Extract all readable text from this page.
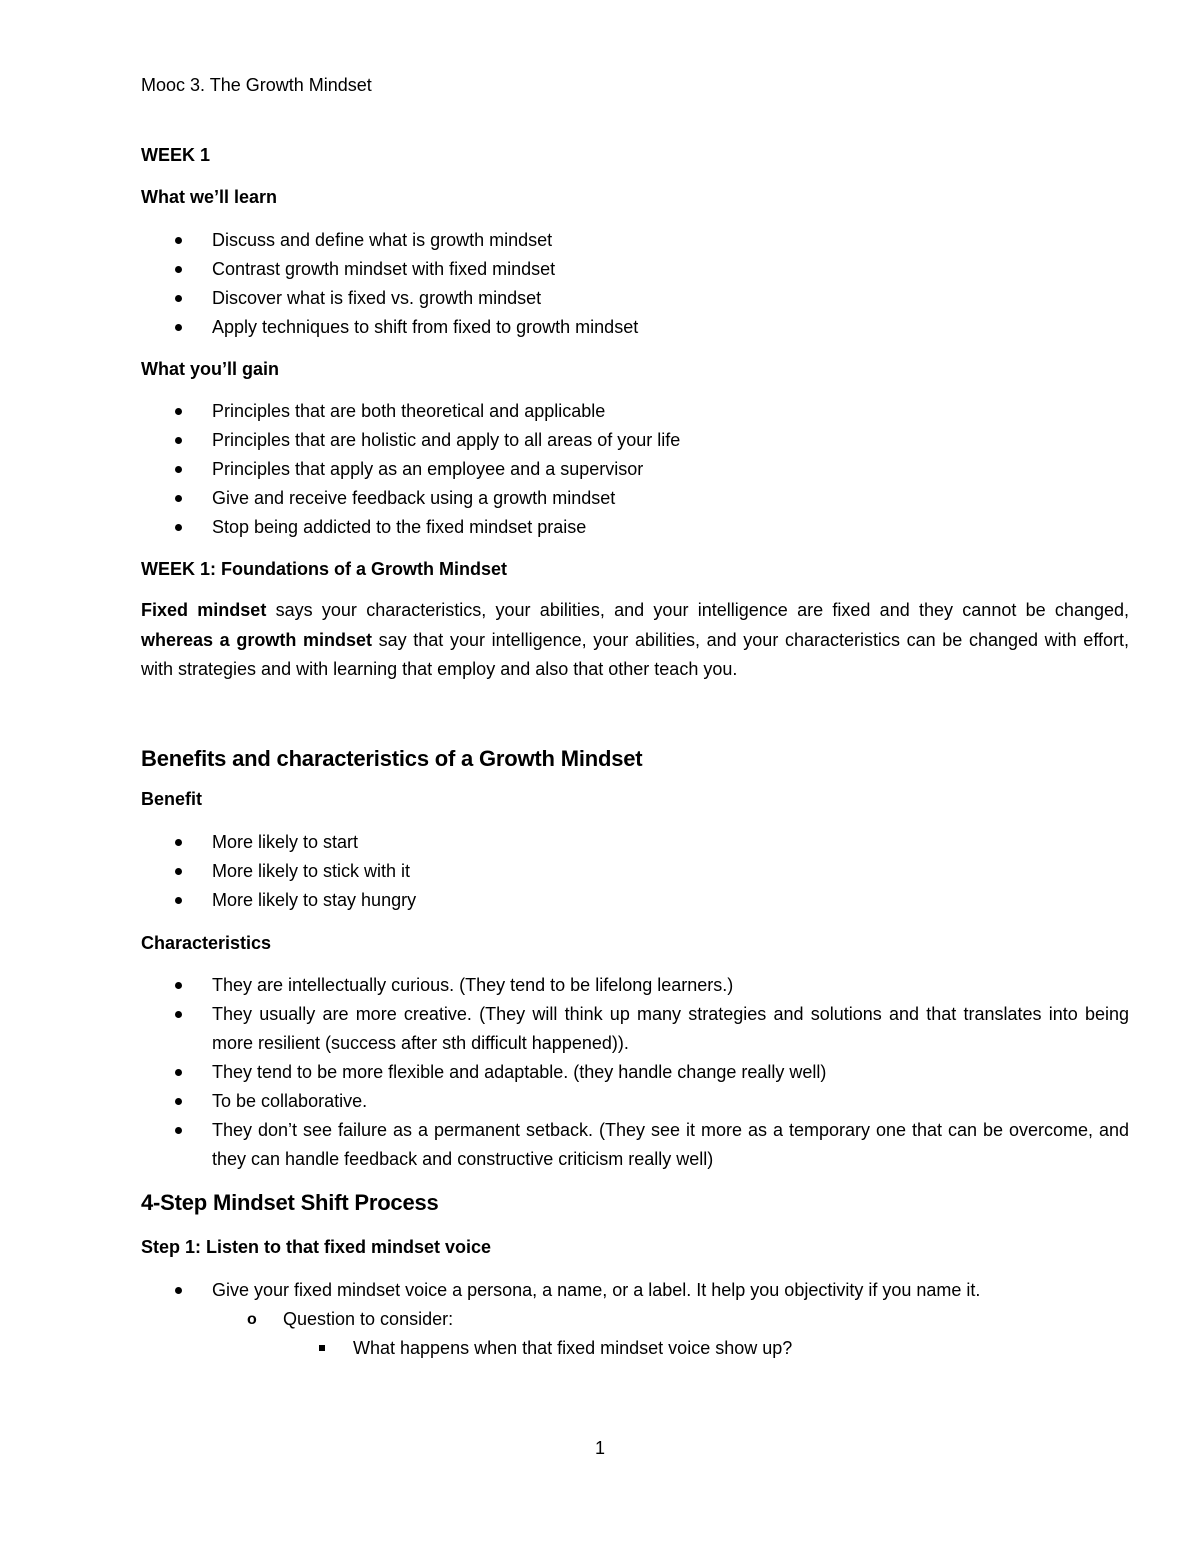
Mooc 3. The Growth Mindset

WEEK 1

What we’ll learn

Discuss and define what is growth mindset
Contrast growth mindset with fixed mindset
Discover what is fixed vs. growth mindset
Apply techniques to shift from fixed to growth mindset

What you’ll gain

Principles that are both theoretical and applicable
Principles that are holistic and apply to all areas of your life
Principles that apply as an employee and a supervisor
Give and receive feedback using a growth mindset
Stop being addicted to the fixed mindset praise

WEEK 1: Foundations of a Growth Mindset

Fixed mindset says your characteristics, your abilities, and your intelligence are fixed and they cannot be changed, whereas a growth mindset say that your intelligence, your abilities, and your characteristics can be changed with effort, with strategies and with learning that employ and also that other teach you.

Benefits and characteristics of a Growth Mindset

Benefit

More likely to start
More likely to stick with it
More likely to stay hungry

Characteristics

They are intellectually curious. (They tend to be lifelong learners.)
They usually are more creative. (They will think up many strategies and solutions and that translates into being more resilient (success after sth difficult happened)).
They tend to be more flexible and adaptable. (they handle change really well)
To be collaborative.
They don’t see failure as a permanent setback. (They see it more as a temporary one that can be overcome, and they can handle feedback and constructive criticism really well)

4-Step Mindset Shift Process

Step 1: Listen to that fixed mindset voice

Give your fixed mindset voice a persona, a name, or a label. It help you objectivity if you name it.
o Question to consider:
What happens when that fixed mindset voice show up?
1
